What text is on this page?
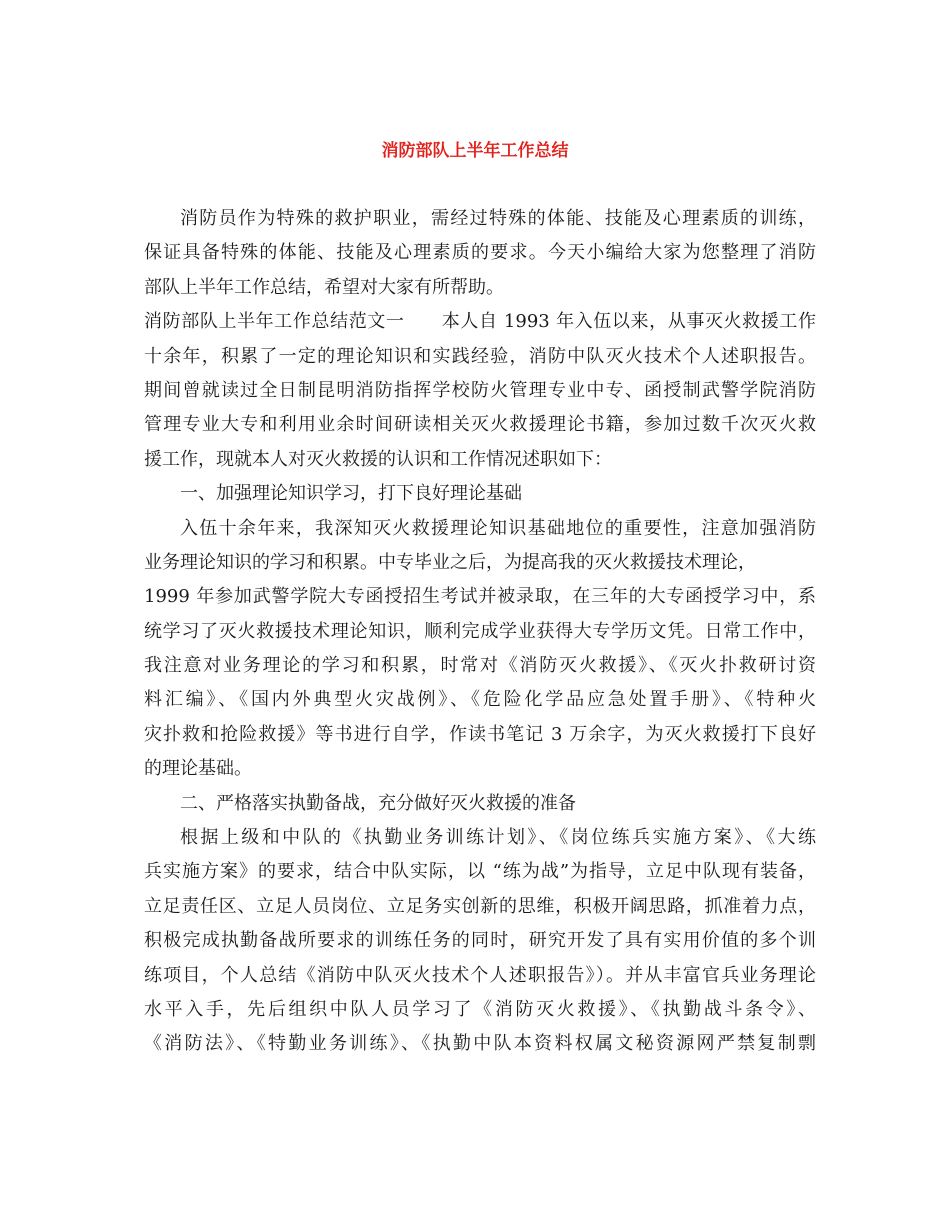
消防部队上半年工作总结
消防员作为特殊的救护职业，需经过特殊的体能、技能及心理素质的训练，
保证具备特殊的体能、技能及心理素质的要求。今天小编给大家为您整理了消防
部队上半年工作总结，希望对大家有所帮助。
消防部队上半年工作总结范文一　　本人自 1993 年入伍以来，从事灭火救援工作
十余年，积累了一定的理论知识和实践经验，消防中队灭火技术个人述职报告。
期间曾就读过全日制昆明消防指挥学校防火管理专业中专、函授制武警学院消防
管理专业大专和利用业余时间研读相关灭火救援理论书籍，参加过数千次灭火救
援工作，现就本人对灭火救援的认识和工作情况述职如下：
一、加强理论知识学习，打下良好理论基础
入伍十余年来，我深知灭火救援理论知识基础地位的重要性，注意加强消防
业务理论知识的学习和积累。中专毕业之后，为提高我的灭火救援技术理论，
1999 年参加武警学院大专函授招生考试并被录取，在三年的大专函授学习中，系
统学习了灭火救援技术理论知识，顺利完成学业获得大专学历文凭。日常工作中，
我注意对业务理论的学习和积累，时常对《消防灭火救援》、《灭火扑救研讨资
料汇编》、《国内外典型火灾战例》、《危险化学品应急处置手册》、《特种火
灾扑救和抢险救援》等书进行自学，作读书笔记 3 万余字，为灭火救援打下良好
的理论基础。
二、严格落实执勤备战，充分做好灭火救援的准备
根据上级和中队的《执勤业务训练计划》、《岗位练兵实施方案》、《大练
兵实施方案》的要求，结合中队实际，以 “练为战”为指导，立足中队现有装备，
立足责任区、立足人员岗位、立足务实创新的思维，积极开阔思路，抓准着力点，
积极完成执勤备战所要求的训练任务的同时，研究开发了具有实用价值的多个训
练项目，个人总结《消防中队灭火技术个人述职报告》）。并从丰富官兵业务理论
水平入手，先后组织中队人员学习了《消防灭火救援》、《执勤战斗条令》、
《消防法》、《特勤业务训练》、《执勤中队本资料权属文秘资源网严禁复制剽
